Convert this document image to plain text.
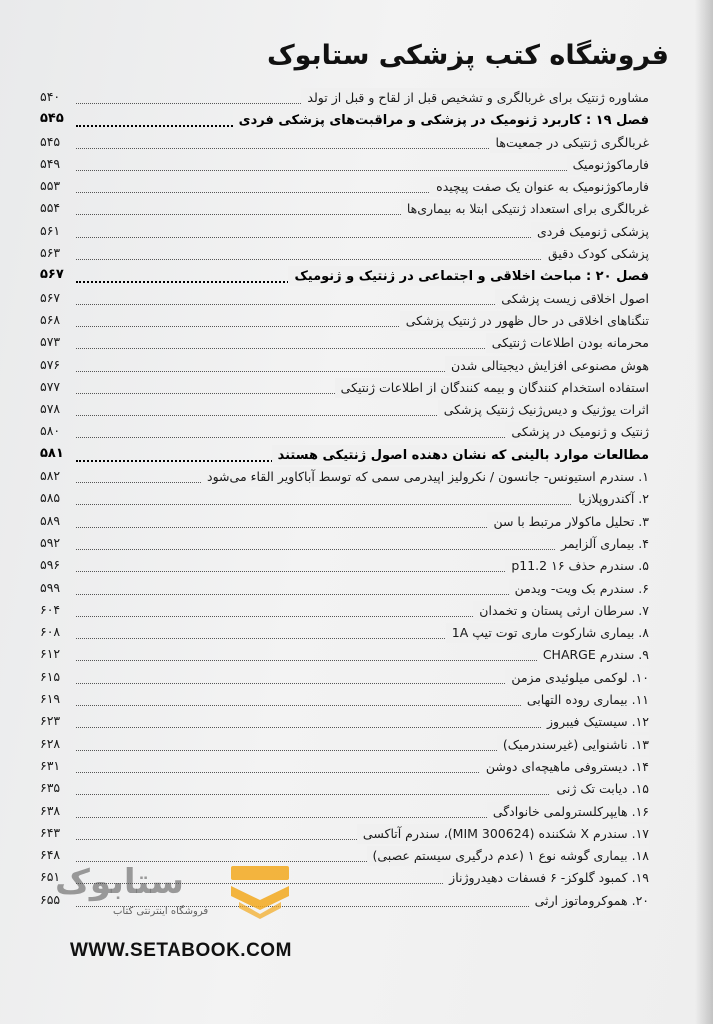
فروشگاه کتب پزشکی ستابوک
مشاوره ژنتیک برای غربالگری و تشخیص قبل از لقاح و قبل از تولد
۵۴۰
فصل ۱۹ : کاربرد ژنومیک در پزشکی و مراقبت‌های پزشکی فردی
۵۴۵
غربالگری ژنتیکی در جمعیت‌ها
۵۴۵
فارماکوژنومیک
۵۴۹
فارماکوژنومیک به عنوان یک صفت پیچیده
۵۵۳
غربالگری برای استعداد ژنتیکی ابتلا به بیماری‌ها
۵۵۴
پزشکی ژنومیک فردی
۵۶۱
پزشکی کودک دقیق
۵۶۳
فصل ۲۰ : مباحث اخلاقی و اجتماعی در ژنتیک و ژنومیک
۵۶۷
اصول اخلاقی زیست پزشکی
۵۶۷
تنگناهای اخلاقی در حال ظهور در ژنتیک پزشکی
۵۶۸
محرمانه بودن اطلاعات ژنتیکی
۵۷۳
هوش مصنوعی افزایش دیجیتالی شدن
۵۷۶
استفاده استخدام کنندگان و بیمه کنندگان از اطلاعات ژنتیکی
۵۷۷
اثرات یوژنیک و دیس‌ژنیک ژنتیک پزشکی
۵۷۸
ژنتیک و ژنومیک در پزشکی
۵۸۰
مطالعات موارد بالینی که نشان دهنده اصول ژنتیکی هستند
۵۸۱
۱. سندرم استیونس- جانسون / نکرولیز اپیدرمی سمی که توسط آباکاویر القاء می‌شود
۵۸۲
۲. آکندروپلازیا
۵۸۵
۳. تحلیل ماکولار مرتبط با سن
۵۸۹
۴. بیماری آلزایمر
۵۹۲
۵. سندرم حذف ۱۶ p11.2
۵۹۶
۶. سندرم بک ویت- ویدمن
۵۹۹
۷. سرطان ارثی پستان و تخمدان
۶۰۴
۸. بیماری شارکوت ماری توت تیپ 1A
۶۰۸
۹. سندرم CHARGE
۶۱۲
۱۰. لوکمی میلوئیدی مزمن
۶۱۵
۱۱. بیماری روده التهابی
۶۱۹
۱۲. سیستیک فیبروز
۶۲۳
۱۳. ناشنوایی (غیرسندرمیک)
۶۲۸
۱۴. دیستروفی ماهیچه‌ای دوشن
۶۳۱
۱۵. دیابت تک ژنی
۶۳۵
۱۶. هایپرکلسترولمی خانوادگی
۶۳۸
۱۷. سندرم X شکننده (MIM 300624)، سندرم آتاکسی
۶۴۳
۱۸. بیماری گوشه نوع ۱ (عدم درگیری سیستم عصبی)
۶۴۸
۱۹. کمبود گلوکز- ۶ فسفات دهیدروژناز
۶۵۱
۲۰. هموکروماتوز ارثی
۶۵۵
ستابوک
فروشگاه اینترنتی کتاب
WWW.SETABOOK.COM
